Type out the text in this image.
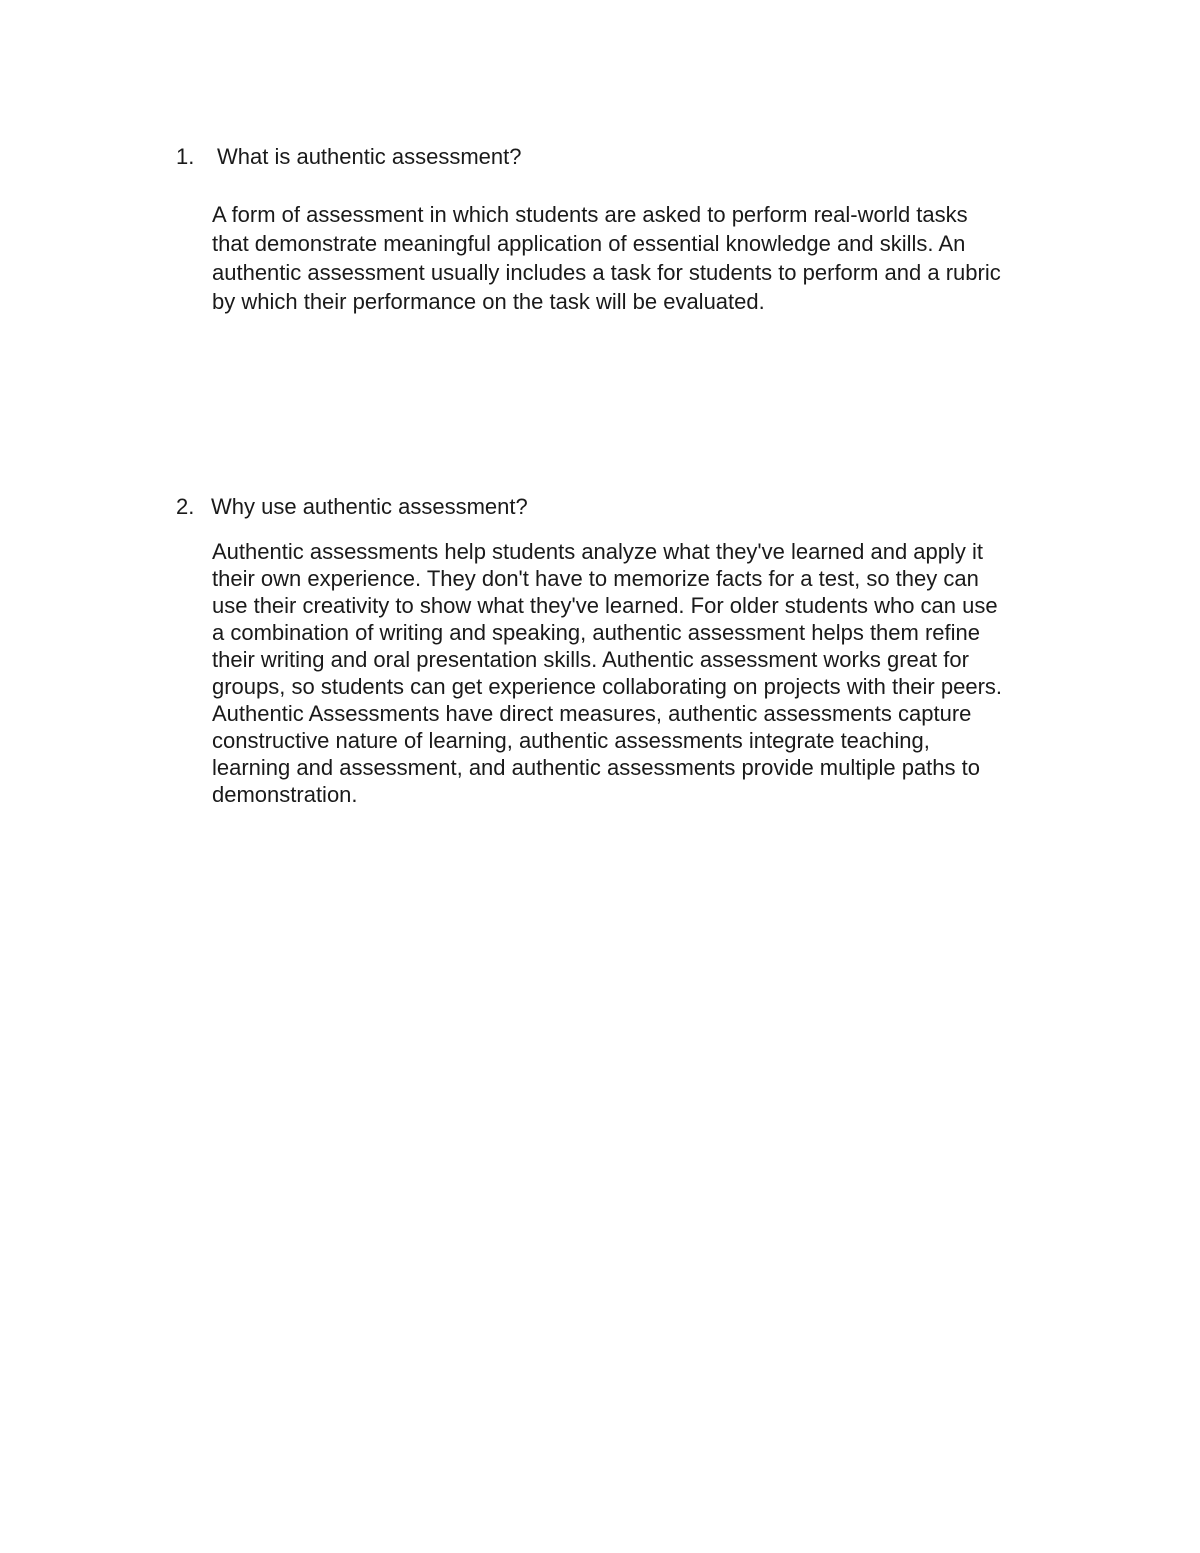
1. What is authentic assessment?

A form of assessment in which students are asked to perform real-world tasks
that demonstrate meaningful application of essential knowledge and skills. An
authentic assessment usually includes a task for students to perform and a rubric
by which their performance on the task will be evaluated.

2. Why use authentic assessment?

Authentic assessments help students analyze what they've learned and apply it
their own experience. They don't have to memorize facts for a test, so they can
use their creativity to show what they've learned. For older students who can use
a combination of writing and speaking, authentic assessment helps them refine
their writing and oral presentation skills. Authentic assessment works great for
groups, so students can get experience collaborating on projects with their peers.
Authentic Assessments have direct measures, authentic assessments capture
constructive nature of learning, authentic assessments integrate teaching,
learning and assessment, and authentic assessments provide multiple paths to
demonstration.
